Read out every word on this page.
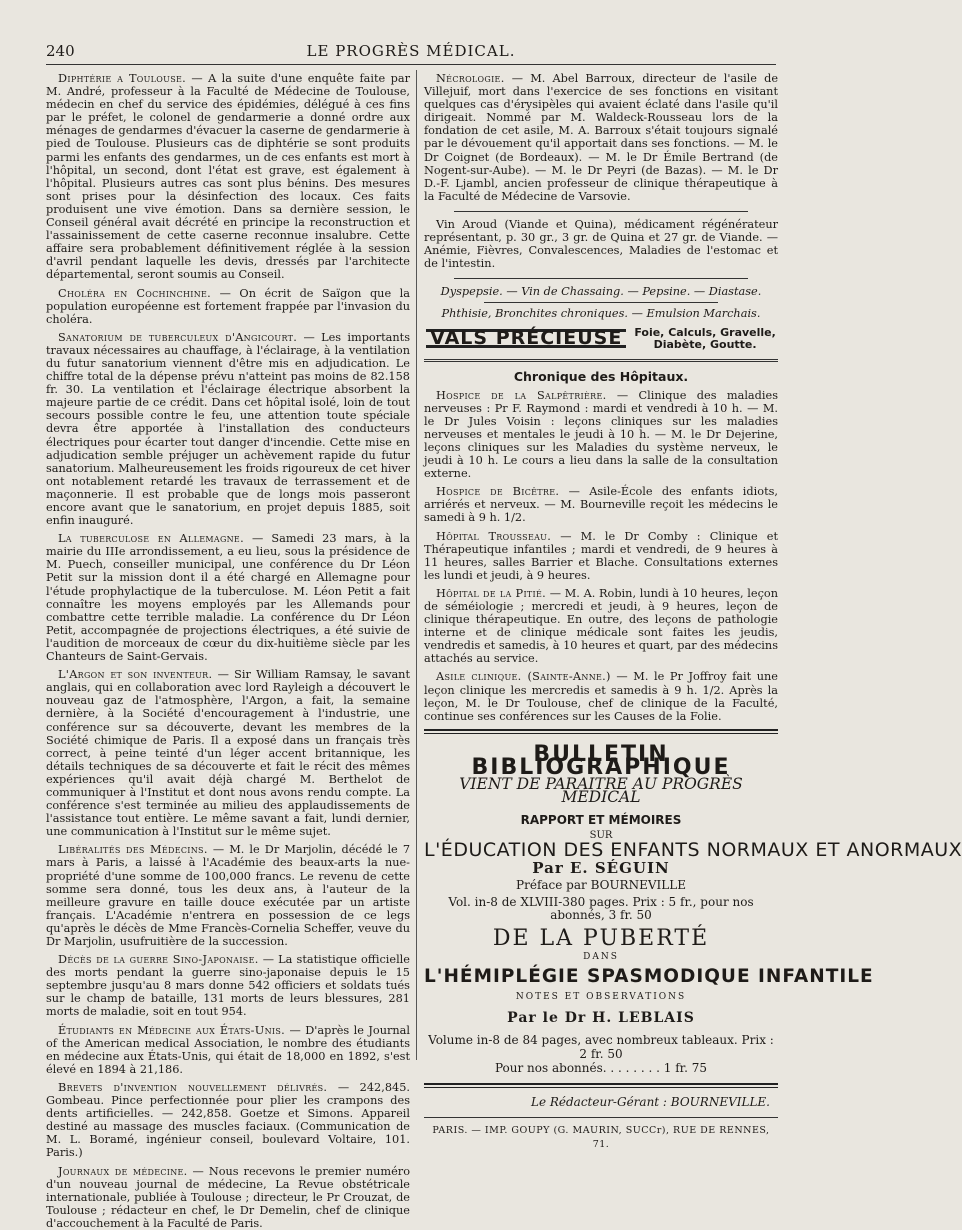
240	LE PROGRÈS MÉDICAL.

Diphtérie a Toulouse. — A la suite d'une enquête faite par M. André, professeur à la Faculté de Médecine de Toulouse, médecin en chef du service des épidémies, délégué à ces fins par le préfet, le colonel de gendarmerie a donné ordre aux ménages de gendarmes d'évacuer la caserne de gendarmerie à pied de Toulouse. Plusieurs cas de diphtérie se sont produits parmi les enfants des gendarmes, un de ces enfants est mort à l'hôpital, un second, dont l'état est grave, est également à l'hôpital. Plusieurs autres cas sont plus bénins. Des mesures sont prises pour la désinfection des locaux. Ces faits produisent une vive émotion. Dans sa dernière session, le Conseil général avait décrété en principe la reconstruction et l'assainissement de cette caserne reconnue insalubre. Cette affaire sera probablement définitivement réglée à la session d'avril pendant laquelle les devis, dressés par l'architecte départemental, seront soumis au Conseil.

Choléra en Cochinchine. — On écrit de Saïgon que la population européenne est fortement frappée par l'invasion du choléra.

Sanatorium de tuberculeux d'Angicourt. — Les importants travaux nécessaires au chauffage, à l'éclairage, à la ventilation du futur sanatorium viennent d'être mis en adjudication. Le chiffre total de la dépense prévu n'atteint pas moins de 82.158 fr. 30. La ventilation et l'éclairage électrique absorbent la majeure partie de ce crédit. Dans cet hôpital isolé, loin de tout secours possible contre le feu, une attention toute spéciale devra être apportée à l'installation des conducteurs électriques pour écarter tout danger d'incendie. Cette mise en adjudication semble préjuger un achèvement rapide du futur sanatorium. Malheureusement les froids rigoureux de cet hiver ont notablement retardé les travaux de terrassement et de maçonnerie. Il est probable que de longs mois passeront encore avant que le sanatorium, en projet depuis 1885, soit enfin inauguré.

La tuberculose en Allemagne. — Samedi 23 mars, à la mairie du IIIe arrondissement, a eu lieu, sous la présidence de M. Puech, conseiller municipal, une conférence du Dr Léon Petit sur la mission dont il a été chargé en Allemagne pour l'étude prophylactique de la tuberculose. M. Léon Petit a fait connaître les moyens employés par les Allemands pour combattre cette terrible maladie. La conférence du Dr Léon Petit, accompagnée de projections électriques, a été suivie de l'audition de morceaux de cœur du dix-huitième siècle par les Chanteurs de Saint-Gervais.

L'Argon et son inventeur. — Sir William Ramsay, le savant anglais, qui en collaboration avec lord Rayleigh a découvert le nouveau gaz de l'atmosphère, l'Argon, a fait, la semaine dernière, à la Société d'encouragement à l'industrie, une conférence sur sa découverte, devant les membres de la Société chimique de Paris. Il a exposé dans un français très correct, à peine teinté d'un léger accent britannique, les détails techniques de sa découverte et fait le récit des mêmes expériences qu'il avait déjà chargé M. Berthelot de communiquer à l'Institut et dont nous avons rendu compte. La conférence s'est terminée au milieu des applaudissements de l'assistance tout entière. Le même savant a fait, lundi dernier, une communication à l'Institut sur le même sujet.

Libéralités des Médecins. — M. le Dr Marjolin, décédé le 7 mars à Paris, a laissé à l'Académie des beaux-arts la nue-propriété d'une somme de 100,000 francs. Le revenu de cette somme sera donné, tous les deux ans, à l'auteur de la meilleure gravure en taille douce exécutée par un artiste français. L'Académie n'entrera en possession de ce legs qu'après le décès de Mme Francès-Cornelia Scheffer, veuve du Dr Marjolin, usufruitière de la succession.

Décès de la guerre Sino-Japonaise. — La statistique officielle des morts pendant la guerre sino-japonaise depuis le 15 septembre jusqu'au 8 mars donne 542 officiers et soldats tués sur le champ de bataille, 131 morts de leurs blessures, 281 morts de maladie, soit en tout 954.

Étudiants en Médecine aux États-Unis. — D'après le Journal of the American medical Association, le nombre des étudiants en médecine aux États-Unis, qui était de 18,000 en 1892, s'est élevé en 1894 à 21,186.

Brevets d'invention nouvellement délivrés. — 242,845. Gombeau. Pince perfectionnée pour plier les crampons des dents artificielles. — 242,858. Goetze et Simons. Appareil destiné au massage des muscles faciaux. (Communication de M. L. Boramé, ingénieur conseil, boulevard Voltaire, 101. Paris.)

Journaux de médecine. — Nous recevons le premier numéro d'un nouveau journal de médecine, La Revue obstétricale internationale, publiée à Toulouse ; directeur, le Pr Crouzat, de Toulouse ; rédacteur en chef, le Dr Demelin, chef de clinique d'accouchement à la Faculté de Paris.

Nécrologie. — M. Abel Barroux, directeur de l'asile de Villejuif, mort dans l'exercice de ses fonctions en visitant quelques cas d'érysipèles qui avaient éclaté dans l'asile qu'il dirigeait. Nommé par M. Waldeck-Rousseau lors de la fondation de cet asile, M. A. Barroux s'était toujours signalé par le dévouement qu'il apportait dans ses fonctions. — M. le Dr Coignet (de Bordeaux). — M. le Dr Émile Bertrand (de Nogent-sur-Aube). — M. le Dr Peyri (de Bazas). — M. le Dr D.-F. Ljambl, ancien professeur de clinique thérapeutique à la Faculté de Médecine de Varsovie.

Vin Aroud (Viande et Quina), médicament régénérateur représentant, p. 30 gr., 3 gr. de Quina et 27 gr. de Viande. — Anémie, Fièvres, Convalescences, Maladies de l'estomac et de l'intestin.

Dyspepsie. — Vin de Chassaing. — Pepsine. — Diastase.
Phthisie, Bronchites chroniques. — Emulsion Marchais.
VALS PRÉCIEUSE	Foie, Calculs, Gravelle,
Diabète, Goutte.
Chronique des Hôpitaux.

Hospice de la Salpêtrière. — Clinique des maladies nerveuses : Pr F. Raymond : mardi et vendredi à 10 h. — M. le Dr Jules Voisin : leçons cliniques sur les maladies nerveuses et mentales le jeudi à 10 h. — M. le Dr Dejerine, leçons cliniques sur les Maladies du système nerveux, le jeudi à 10 h. Le cours a lieu dans la salle de la consultation externe.

Hospice de Bicêtre. — Asile-École des enfants idiots, arriérés et nerveux. — M. Bourneville reçoit les médecins le samedi à 9 h. 1/2.

Hôpital Trousseau. — M. le Dr Comby : Clinique et Thérapeutique infantiles ; mardi et vendredi, de 9 heures à 11 heures, salles Barrier et Blache. Consultations externes les lundi et jeudi, à 9 heures.

Hôpital de la Pitié. — M. A. Robin, lundi à 10 heures, leçon de séméiologie ; mercredi et jeudi, à 9 heures, leçon de clinique thérapeutique. En outre, des leçons de pathologie interne et de clinique médicale sont faites les jeudis, vendredis et samedis, à 10 heures et quart, par des médecins attachés au service.

Asile clinique. (Sainte-Anne.) — M. le Pr Joffroy fait une leçon clinique les mercredis et samedis à 9 h. 1/2. Après la leçon, M. le Dr Toulouse, chef de clinique de la Faculté, continue ses conférences sur les Causes de la Folie.

BULLETIN BIBLIOGRAPHIQUE
VIENT DE PARAITRE AU PROGRÈS MÉDICAL
RAPPORT ET MÉMOIRES
SUR
L'ÉDUCATION DES ENFANTS NORMAUX ET ANORMAUX
Par E. SÉGUIN
Préface par BOURNEVILLE
Vol. in-8 de XLVIII-380 pages. Prix : 5 fr., pour nos abonnés, 3 fr. 50
DE LA PUBERTÉ
DANS
L'HÉMIPLÉGIE SPASMODIQUE INFANTILE
NOTES ET OBSERVATIONS
Par le Dr H. LEBLAIS
Volume in-8 de 84 pages, avec nombreux tableaux. Prix : 2 fr. 50
Pour nos abonnés. . . . . . . . 1 fr. 75
Le Rédacteur-Gérant : BOURNEVILLE.
PARIS. — IMP. GOUPY (G. MAURIN, SUCCr), RUE DE RENNES, 71.
